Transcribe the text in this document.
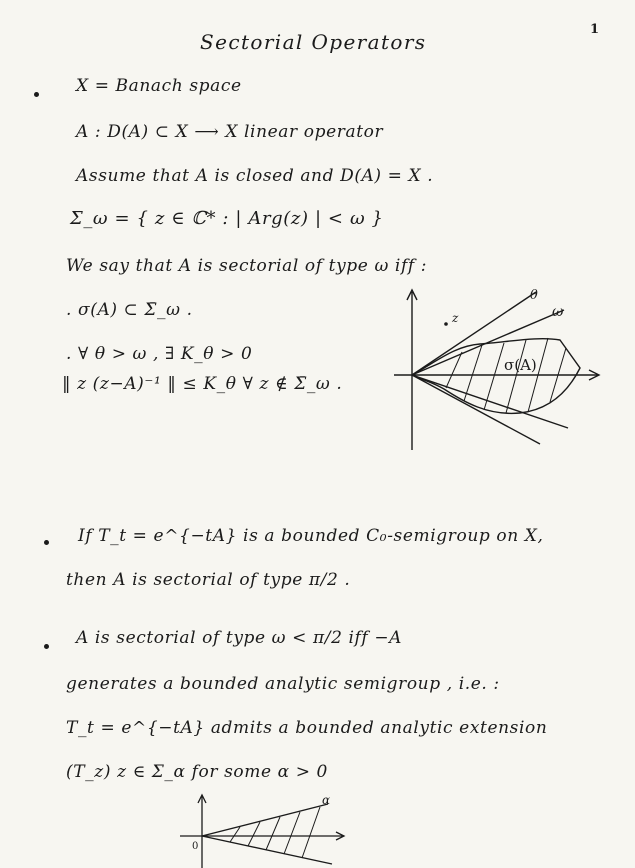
Sectorial Operators
1
X = Banach space
A : D(A) ⊂ X ⟶ X linear operator
Assume that A is closed and D(A) = X .
Σ_ω = { z ∈ ℂ* : | Arg(z) | < ω }
We say that A is sectorial of type ω iff :
. σ(A) ⊂ Σ̄_ω .
. ∀ θ > ω , ∃ K_θ > 0
‖ z (z−A)⁻¹ ‖ ≤ K_θ ∀ z ∉ Σ̄_ω .
θ
ω
z
σ(A)
If T_t = e^{−tA} is a bounded C₀-semigroup on X,
then A is sectorial of type π/2 .
A is sectorial of type ω < π/2 iff −A
generates a bounded analytic semigroup , i.e. :
T_t = e^{−tA} admits a bounded analytic extension
(T_z) z ∈ Σ_α for some α > 0
α
0
